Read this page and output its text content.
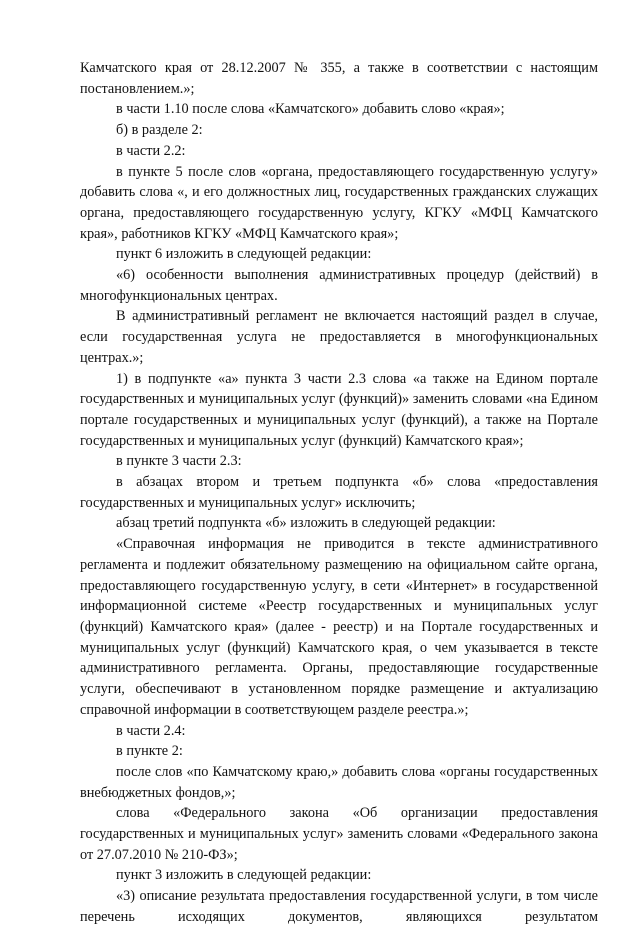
Камчатского края от 28.12.2007 № 355, а также в соответствии с настоящим постановлением.»;

в части 1.10 после слова «Камчатского» добавить слово «края»;

б) в разделе 2:

в части 2.2:

в пункте 5 после слов «органа, предоставляющего государственную услугу» добавить слова «, и его должностных лиц, государственных гражданских служащих органа, предоставляющего государственную услугу, КГКУ «МФЦ Камчатского края», работников КГКУ «МФЦ Камчатского края»;

пункт 6 изложить в следующей редакции:

«6) особенности выполнения административных процедур (действий) в многофункциональных центрах.

В административный регламент не включается настоящий раздел в случае, если государственная услуга не предоставляется в многофункциональных центрах.»;

1) в подпункте «а» пункта 3 части 2.3 слова «а также на Едином портале государственных и муниципальных услуг (функций)» заменить словами «на Едином портале государственных и муниципальных услуг (функций), а также на Портале государственных и муниципальных услуг (функций) Камчатского края»;

в пункте 3 части 2.3:

в абзацах втором и третьем подпункта «б» слова «предоставления государственных и муниципальных услуг» исключить;

абзац третий подпункта «б» изложить в следующей редакции:

«Справочная информация не приводится в тексте административного регламента и подлежит обязательному размещению на официальном сайте органа, предоставляющего государственную услугу, в сети «Интернет» в государственной информационной системе «Реестр государственных и муниципальных услуг (функций) Камчатского края» (далее - реестр) и на Портале государственных и муниципальных услуг (функций) Камчатского края, о чем указывается в тексте административного регламента. Органы, предоставляющие государственные услуги, обеспечивают в установленном порядке размещение и актуализацию справочной информации в соответствующем разделе реестра.»;

в части 2.4:

в пункте 2:

после слов «по Камчатскому краю,» добавить слова «органы государственных внебюджетных фондов,»;

слова «Федерального закона «Об организации предоставления государственных и муниципальных услуг» заменить словами «Федерального закона от 27.07.2010 № 210-ФЗ»;

пункт 3 изложить в следующей редакции:

«3) описание результата предоставления государственной услуги, в том числе перечень исходящих документов, являющихся результатом
